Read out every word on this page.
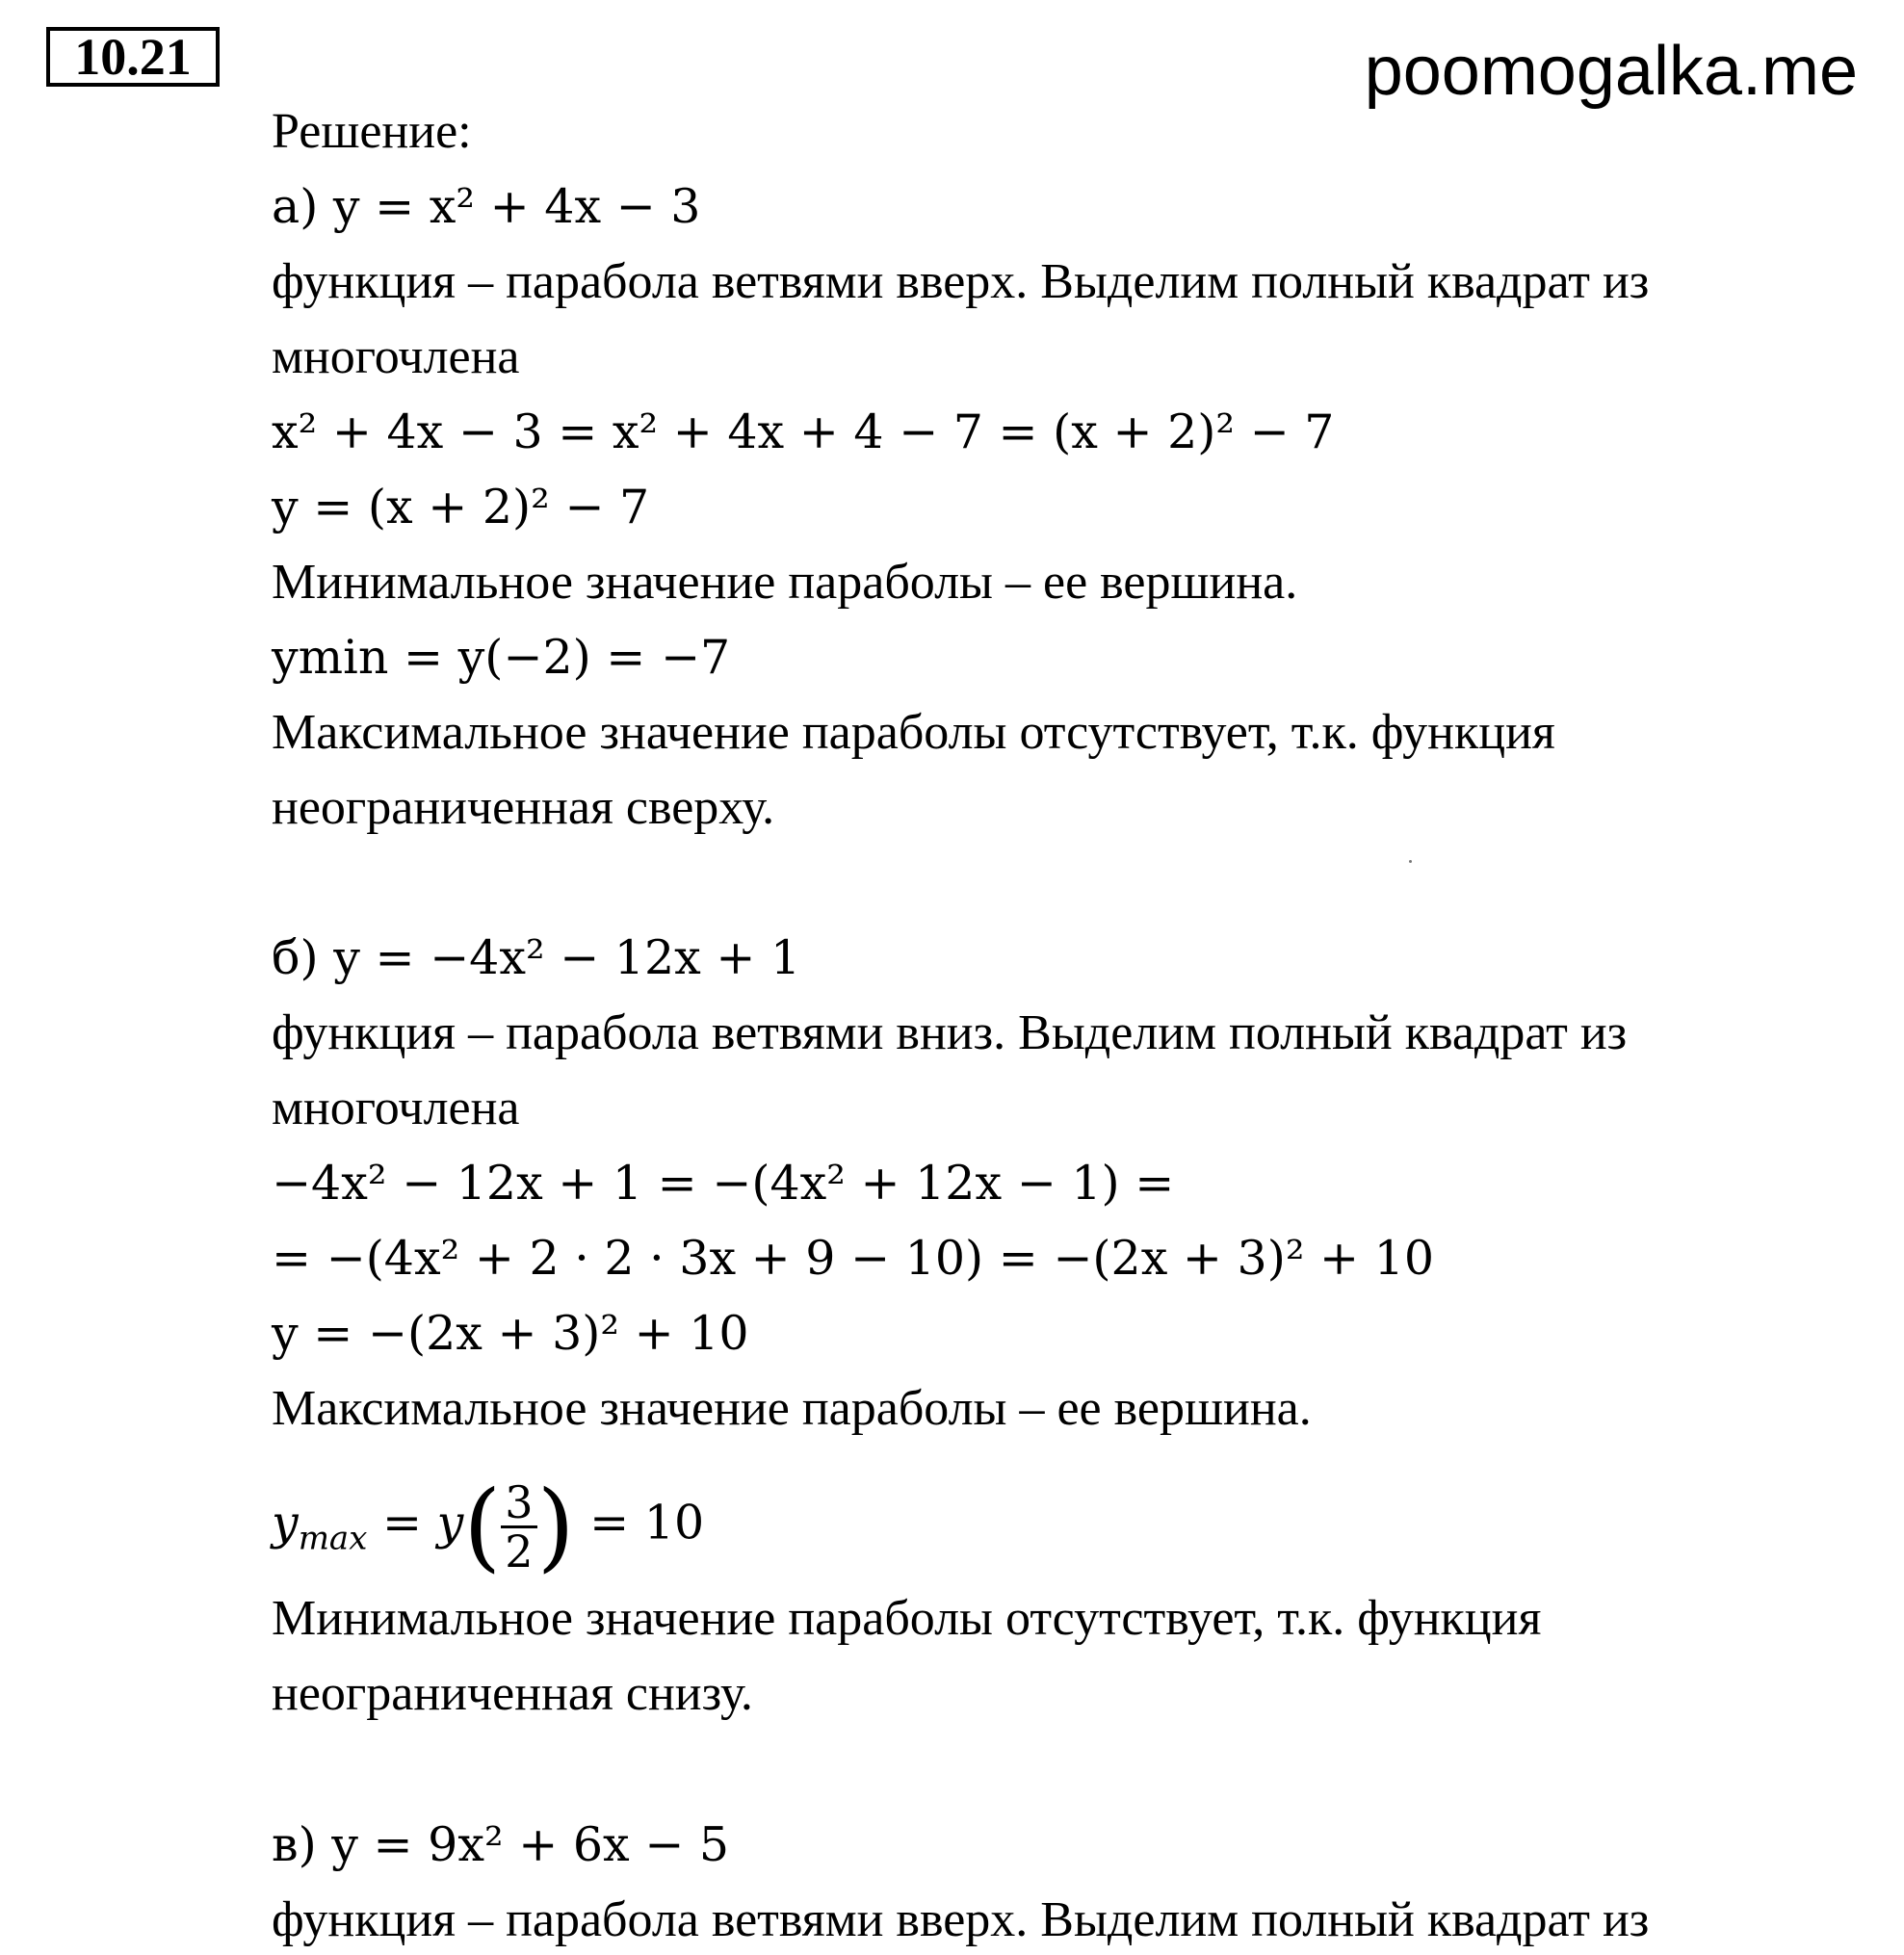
10.21	poomogalka.me
Решение:
а) y = x² + 4x − 3
функция – парабола ветвями вверх. Выделим полный квадрат из
многочлена
x² + 4x − 3 = x² + 4x + 4 − 7 = (x + 2)² − 7
y = (x + 2)² − 7
Минимальное значение параболы – ее вершина.
ymin = y(−2) = −7
Максимальное значение параболы отсутствует, т.к. функция
неограниченная сверху.
б) y = −4x² − 12x + 1
функция – парабола ветвями вниз. Выделим полный квадрат из
многочлена
−4x² − 12x + 1 = −(4x² + 12x − 1) =
= −(4x² + 2 · 2 · 3x + 9 − 10) = −(2x + 3)² + 10
y = −(2x + 3)² + 10
Максимальное значение параболы – ее вершина.
$y_{max} = y( \frac{3}{2}$ ) = 10
Минимальное значение параболы отсутствует, т.к. функция
неограниченная снизу.
в) y = 9x² + 6x − 5
функция – парабола ветвями вверх. Выделим полный квадрат из
